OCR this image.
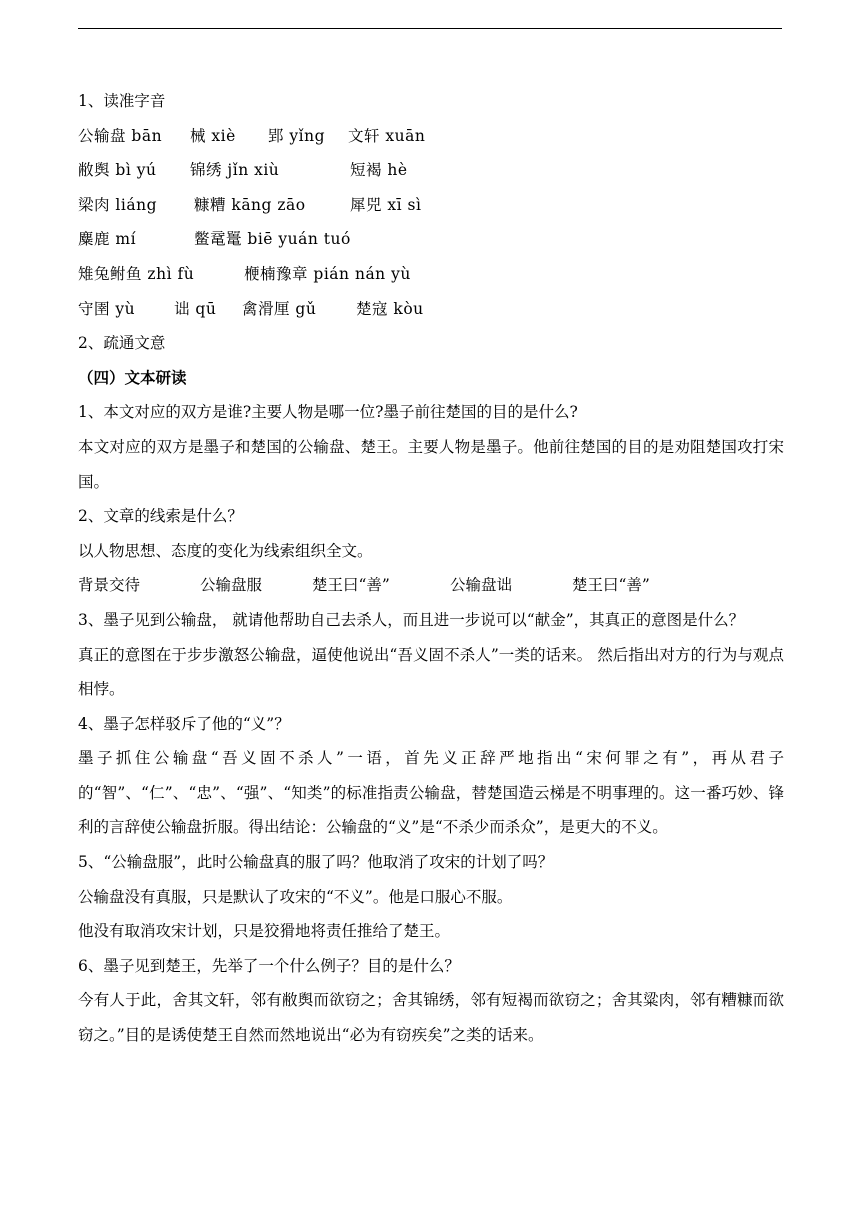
1、读准字音
公输盘 bān 械 xiè 郢 yǐng 文轩 xuān
敝舆 bì yú 锦绣 jǐn xiù	短褐 hè
梁肉 liáng 糠糟 kāng zāo	犀兕 xī sì
麋鹿 mí	鳖鼋鼍 biē yuán tuó
雉兔鲋鱼 zhì fù	楩楠豫章 pián nán yù
守圉 yù	诎 qū 禽滑厘 gǔ	楚寇 kòu
2、疏通文意
（四）文本研读
1、本文对应的双方是谁?主要人物是哪一位?墨子前往楚国的目的是什么?
本文对应的双方是墨子和楚国的公输盘、楚王。主要人物是墨子。他前往楚国的目的是劝阻楚国攻打宋国。
2、文章的线索是什么？
以人物思想、态度的变化为线索组织全文。
背景交待	公输盘服	楚王曰“善”	公输盘诎	楚王曰“善”
3、墨子见到公输盘， 就请他帮助自己去杀人，而且进一步说可以“献金”，其真正的意图是什么？
真正的意图在于步步激怒公输盘，逼使他说出“吾义固不杀人”一类的话来。 然后指出对方的行为与观点相悖。
4、墨子怎样驳斥了他的“义”？
墨子抓住公输盘“吾义固不杀人”一语，首先义正辞严地指出“宋何罪之有”，再从君子的“智”、“仁”、“忠”、“强”、“知类”的标准指责公输盘，替楚国造云梯是不明事理的。这一番巧妙、锋利的言辞使公输盘折服。得出结论：公输盘的“义”是“不杀少而杀众”，是更大的不义。
5、“公输盘服”，此时公输盘真的服了吗？他取消了攻宋的计划了吗？
公输盘没有真服，只是默认了攻宋的“不义”。他是口服心不服。
他没有取消攻宋计划，只是狡猾地将责任推给了楚王。
6、墨子见到楚王，先举了一个什么例子？目的是什么？
今有人于此，舍其文轩，邻有敝舆而欲窃之；舍其锦绣，邻有短褐而欲窃之；舍其粱肉，邻有糟糠而欲窃之。”目的是诱使楚王自然而然地说出“必为有窃疾矣”之类的话来。
